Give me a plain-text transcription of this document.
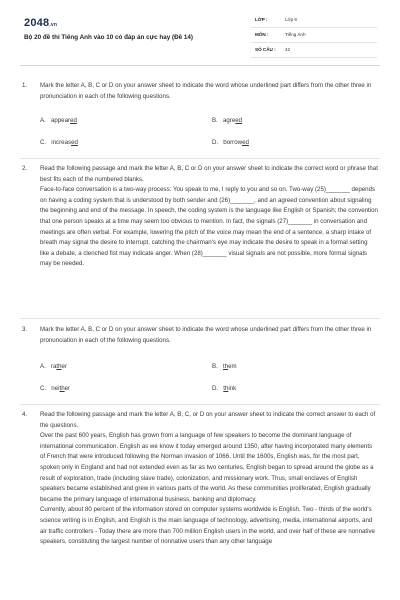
2048.vn
Bộ 20 đề thi Tiếng Anh vào 10 có đáp án cực hay (Đề 14)
LỚP :	Lớp 9
MÔN :	Tiếng Anh
SỐ CÂU : 42
1.	Mark the letter A, B, C or D on your answer sheet to indicate the word whose underlined part differs from the other three in pronunciation in each of the following questions.

A. appeared	B. agreed
C. increased	D. borrowed
2.	Read the following passage and mark the letter A, B, C or D on your answer sheet to indicate the correct word or phrase that best fits each of the numbered blanks.

Face-to-face conversation is a two-way process: You speak to me, I reply to you and so on. Two-way (25)_______ depends on having a coding system that is understood by both sender and (26)_______, and an agreed convention about signaling the beginning and end of the message. In speech, the coding system is the language like English or Spanish; the convention that one person speaks at a time may seem too obvious to mention. In fact, the signals (27)_______ in conversation and meetings are often verbal. For example, lowering the pitch of the voice may mean the end of a sentence, a sharp intake of breath may signal the desire to interrupt, catching the chairman's eye may indicate the desire to speak in a formal setting like a debate, a clenched fist may indicate anger. When (28)_______ visual signals are not possible, more formal signals may be needed.

3.	Mark the letter A, B, C or D on your answer sheet to indicate the word whose underlined part differs from the other three in pronunciation in each of the following questions.

A. rather	B. them
C. neither	D. think
4.	Read the following passage and mark the letter A, B, C, or D on your answer sheet to indicate the correct answer to each of the questions.

Over the past 600 years, English has grown from a language of few speakers to become the dominant language of international communication. English as we know it today emerged around 1350, after having incorporated many elements of French that were introduced following the Norman invasion of 1066. Until the 1600s, English was, for the most part, spoken only in England and had not extended even as far as two centuries, English began to spread around the globe as a result of exploration, trade (including slave trade), colonization, and missionary work. Thus, small enclaves of English speakers became established and grew in various parts of the world. As these communities proliferated, English gradually became the primary language of international business, banking and diplomacy.

Currently, about 80 percent of the information stored on computer systems worldwide is English. Two - thirds of the world's science writing is in English, and English is the main language of technology, advertising, media, international airports, and air traffic controllers - Today there are more than 700 million English users in the world, and over half of these are nonnative speakers, constituting the largest number of nonnative users than any other language
